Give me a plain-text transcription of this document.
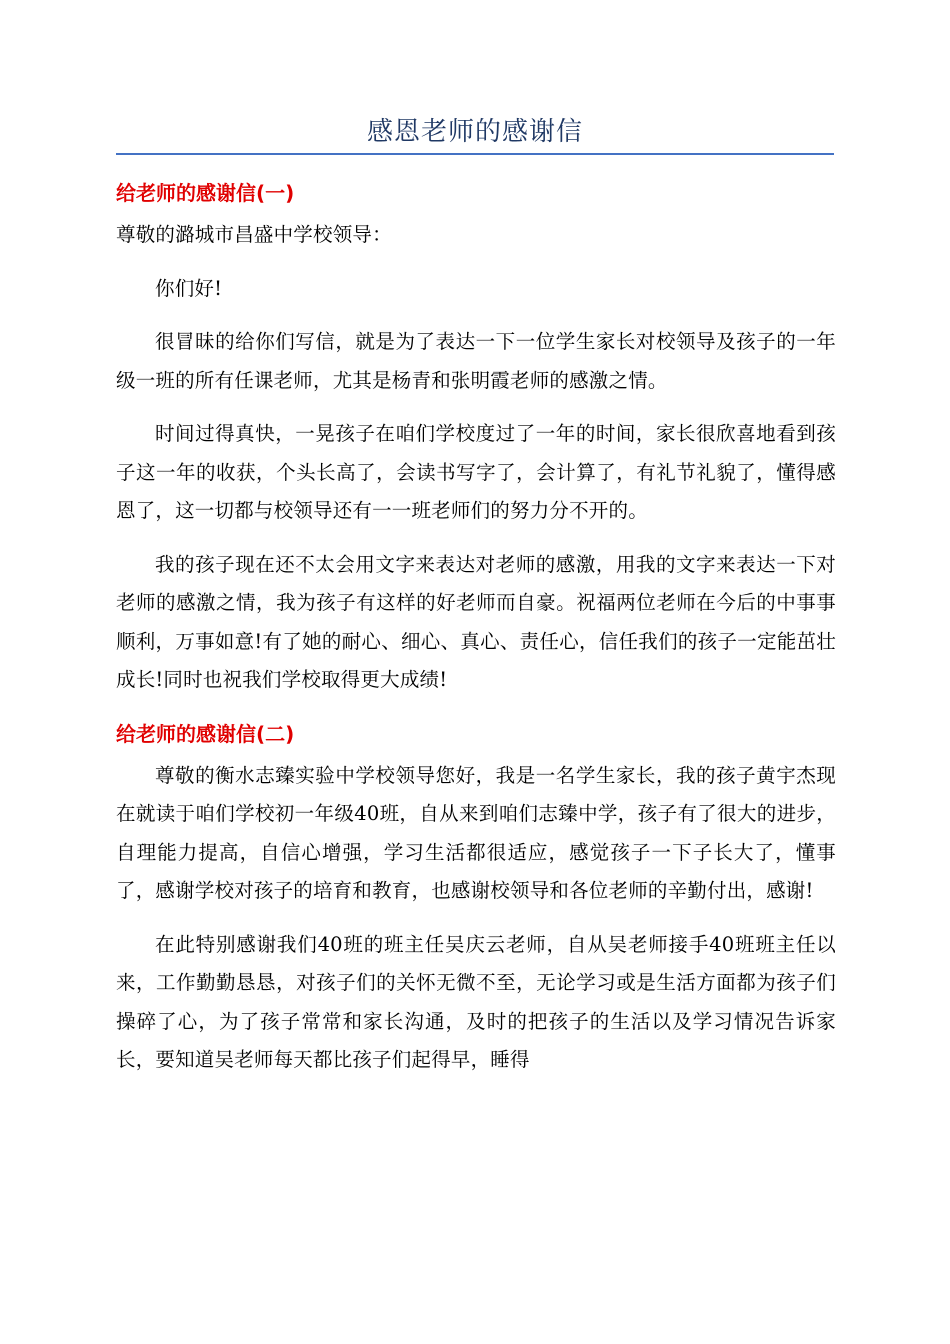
感恩老师的感谢信
给老师的感谢信(一)
尊敬的潞城市昌盛中学校领导：
你们好!
很冒昧的给你们写信，就是为了表达一下一位学生家长对校领导及孩子的一年级一班的所有任课老师，尤其是杨青和张明霞老师的感激之情。
时间过得真快，一晃孩子在咱们学校度过了一年的时间，家长很欣喜地看到孩子这一年的收获，个头长高了，会读书写字了，会计算了，有礼节礼貌了，懂得感恩了，这一切都与校领导还有一一班老师们的努力分不开的。
我的孩子现在还不太会用文字来表达对老师的感激，用我的文字来表达一下对老师的感激之情，我为孩子有这样的好老师而自豪。祝福两位老师在今后的中事事顺利，万事如意!有了她的耐心、细心、真心、责任心，信任我们的孩子一定能茁壮成长!同时也祝我们学校取得更大成绩!
给老师的感谢信(二)
尊敬的衡水志臻实验中学校领导您好，我是一名学生家长，我的孩子黄宇杰现在就读于咱们学校初一年级40班，自从来到咱们志臻中学，孩子有了很大的进步，自理能力提高，自信心增强，学习生活都很适应，感觉孩子一下子长大了，懂事了，感谢学校对孩子的培育和教育，也感谢校领导和各位老师的辛勤付出，感谢!
在此特别感谢我们40班的班主任吴庆云老师，自从吴老师接手40班班主任以来，工作勤勤恳恳，对孩子们的关怀无微不至，无论学习或是生活方面都为孩子们操碎了心，为了孩子常常和家长沟通，及时的把孩子的生活以及学习情况告诉家长，要知道吴老师每天都比孩子们起得早，睡得
